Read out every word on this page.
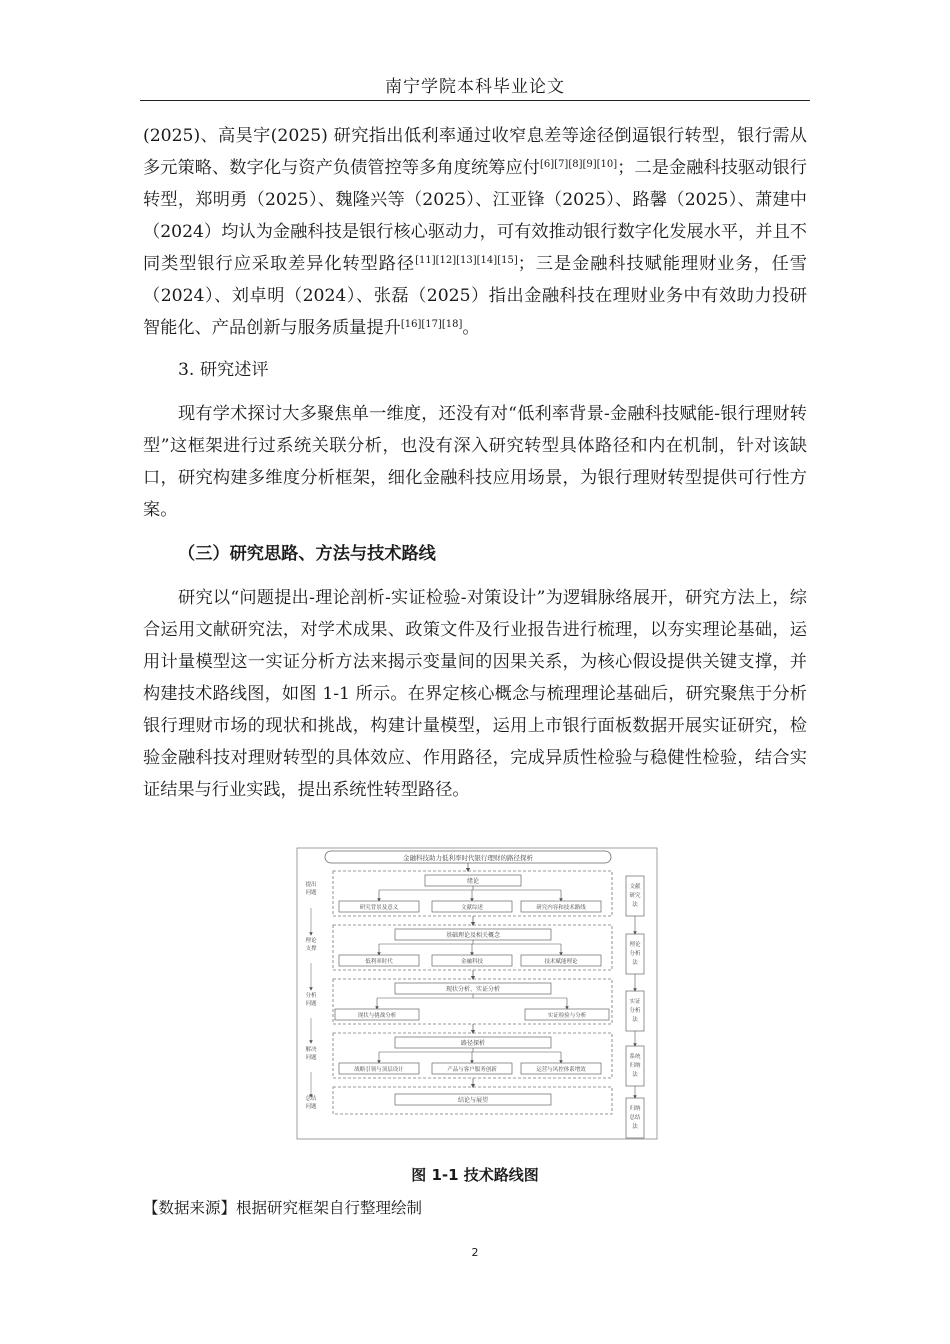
南宁学院本科毕业论文

(2025)、高昊宇(2025) 研究指出低利率通过收窄息差等途径倒逼银行转型，银行需从多元策略、数字化与资产负债管控等多角度统筹应付[6][7][8][9][10]；二是金融科技驱动银行转型，郑明勇（2025）、魏隆兴等（2025）、江亚锋（2025）、路馨（2025）、萧建中（2024）均认为金融科技是银行核心驱动力，可有效推动银行数字化发展水平，并且不同类型银行应采取差异化转型路径[11][12][13][14][15]；三是金融科技赋能理财业务，任雪（2024）、刘卓明（2024）、张磊（2025）指出金融科技在理财业务中有效助力投研智能化、产品创新与服务质量提升[16][17][18]。

3. 研究述评

现有学术探讨大多聚焦单一维度，还没有对“低利率背景-金融科技赋能-银行理财转型”这框架进行过系统关联分析，也没有深入研究转型具体路径和内在机制，针对该缺口，研究构建多维度分析框架，细化金融科技应用场景，为银行理财转型提供可行性方案。

（三）研究思路、方法与技术路线

研究以“问题提出-理论剖析-实证检验-对策设计”为逻辑脉络展开，研究方法上，综合运用文献研究法，对学术成果、政策文件及行业报告进行梳理，以夯实理论基础，运用计量模型这一实证分析方法来揭示变量间的因果关系，为核心假设提供关键支撑，并构建技术路线图，如图 1-1 所示。在界定核心概念与梳理理论基础后，研究聚焦于分析银行理财市场的现状和挑战，构建计量模型，运用上市银行面板数据开展实证研究，检验金融科技对理财转型的具体效应、作用路径，完成异质性检验与稳健性检验，结合实证结果与行业实践，提出系统性转型路径。

金融科技助力低利率时代银行理财的路径探析
绪论
研究背景及意义	文献综述	研究内容和技术路线
基础理论及相关概念
低利率时代	金融科技	技术赋能理论
现状分析、实证分析
现状与挑战分析	实证检验与分析
路径探析
战略引领与顶层设计	产品与客户服务创新	运营与风控体系增效
结论与展望
文献研究法
理论分析法
实证分析法
系统归纳法
归纳总结法
提出问题
理论支撑
分析问题
解决问题
总结问题
图 1-1 技术路线图
【数据来源】根据研究框架自行整理绘制
2
